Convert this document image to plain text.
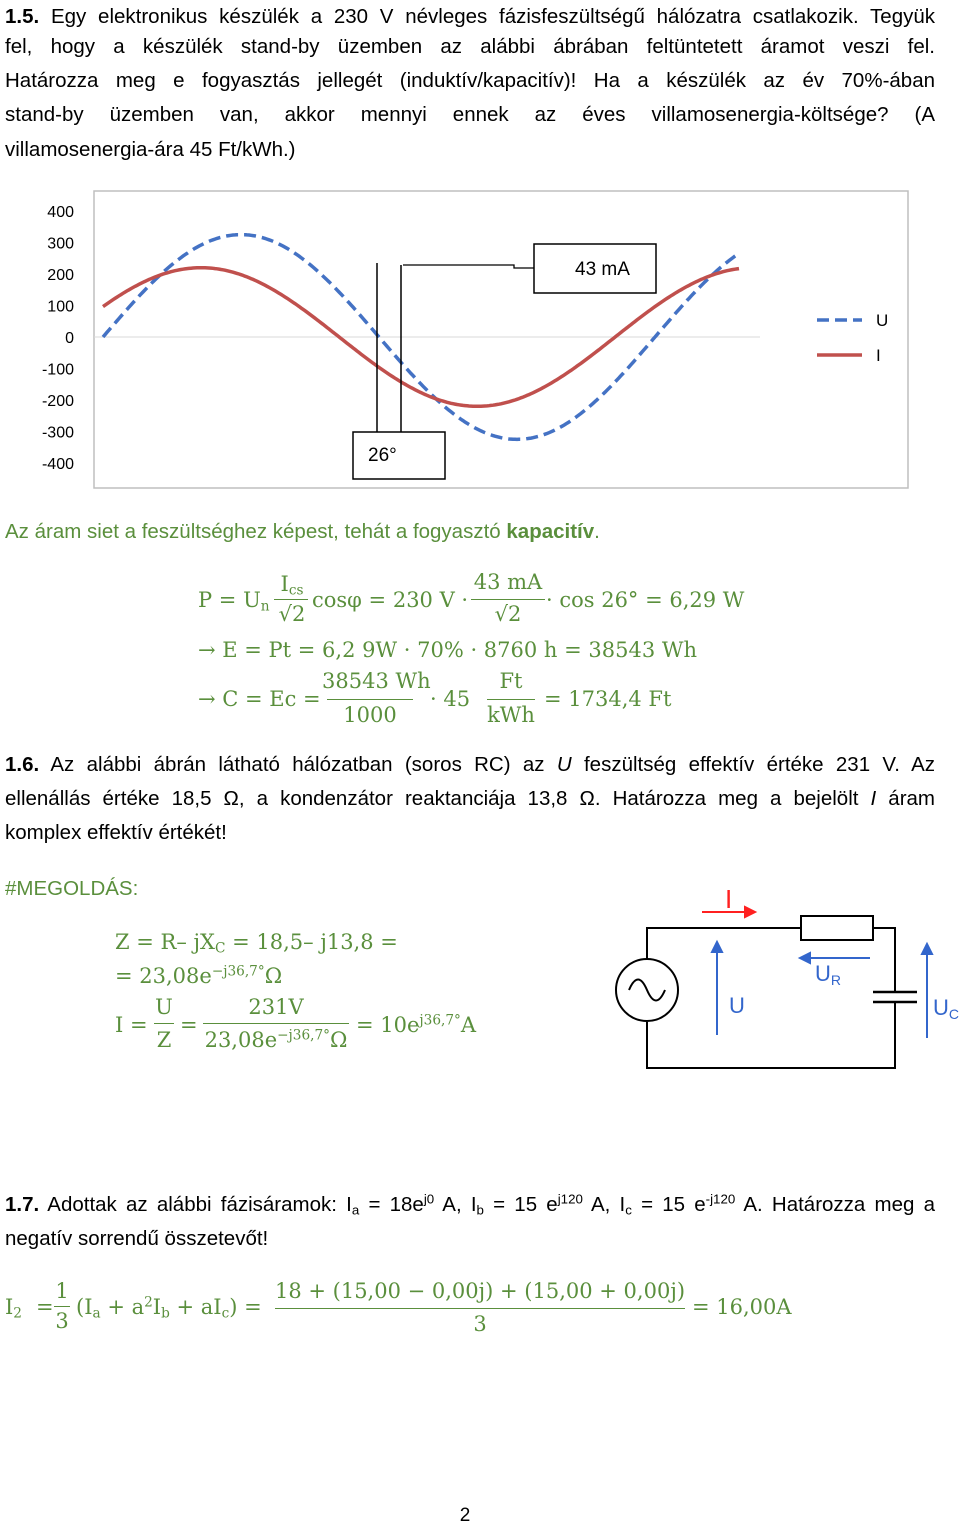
1.5. Egy elektronikus készülék a 230 V névleges fázisfeszültségű hálózatra csatlakozik. Tegyük
fel, hogy a készülék stand-by üzemben az alábbi ábrában feltüntetett áramot veszi fel.
Határozza meg e fogyasztás jellegét (induktív/kapacitív)! Ha a készülék az év 70%-ában
stand-by üzemben van, akkor mennyi ennek az éves villamosenergia-költsége? (A
villamosenergia-ára 45 Ft/kWh.)
400
300
200
100
0
-100
-200
-300
-400
43 mA
26°
U
I
Az áram siet a feszültséghez képest, tehát a fogyasztó kapacitív.
$P = U_n$
$I_{cs}$
√2
cosφ = 230 V ·
43 mA
√2
· cos 26° = 6,29 W
→ E = Pt = 6,2 9W · 70% · 8760 h = 38543 Wh
→ C = Ec =
38543 Wh
1000
· 45
Ft
kWh
= 1734,4 Ft
1.6. Az alábbi ábrán látható hálózatban (soros RC) az U feszültség effektív értéke 231 V. Az
ellenállás értéke 18,5 Ω, a kondenzátor reaktanciája 13,8 Ω. Határozza meg a bejelölt I áram
komplex effektív értékét!
#MEGOLDÁS:
Z = R– $jX_C = 18,5-$ j13,8 =
= $23,08e^{-j36,7^\circ}\Omega$
I =
U
Z
=
231V
$23,08e^{-j36,7^\circ}\Omega$
= $10e^{j36,7^\circ}A$
I
UR
U	UC
1.7. Adottak az alábbi fázisáramok: $I_a = 18e^{j0}$ A, $I_b = 15$ $e^{j120}$ A, $I_c = 15$ $e^{-j120}$ A. Határozza meg a
negatív sorrendű összetevőt!
$I_2$ =
1
3
$(I_a + a^2I_b + aI_c)$ =
18 + (15,00 − 0,00j) + (15,00 + 0,00j)
3
= 16,00A
2
